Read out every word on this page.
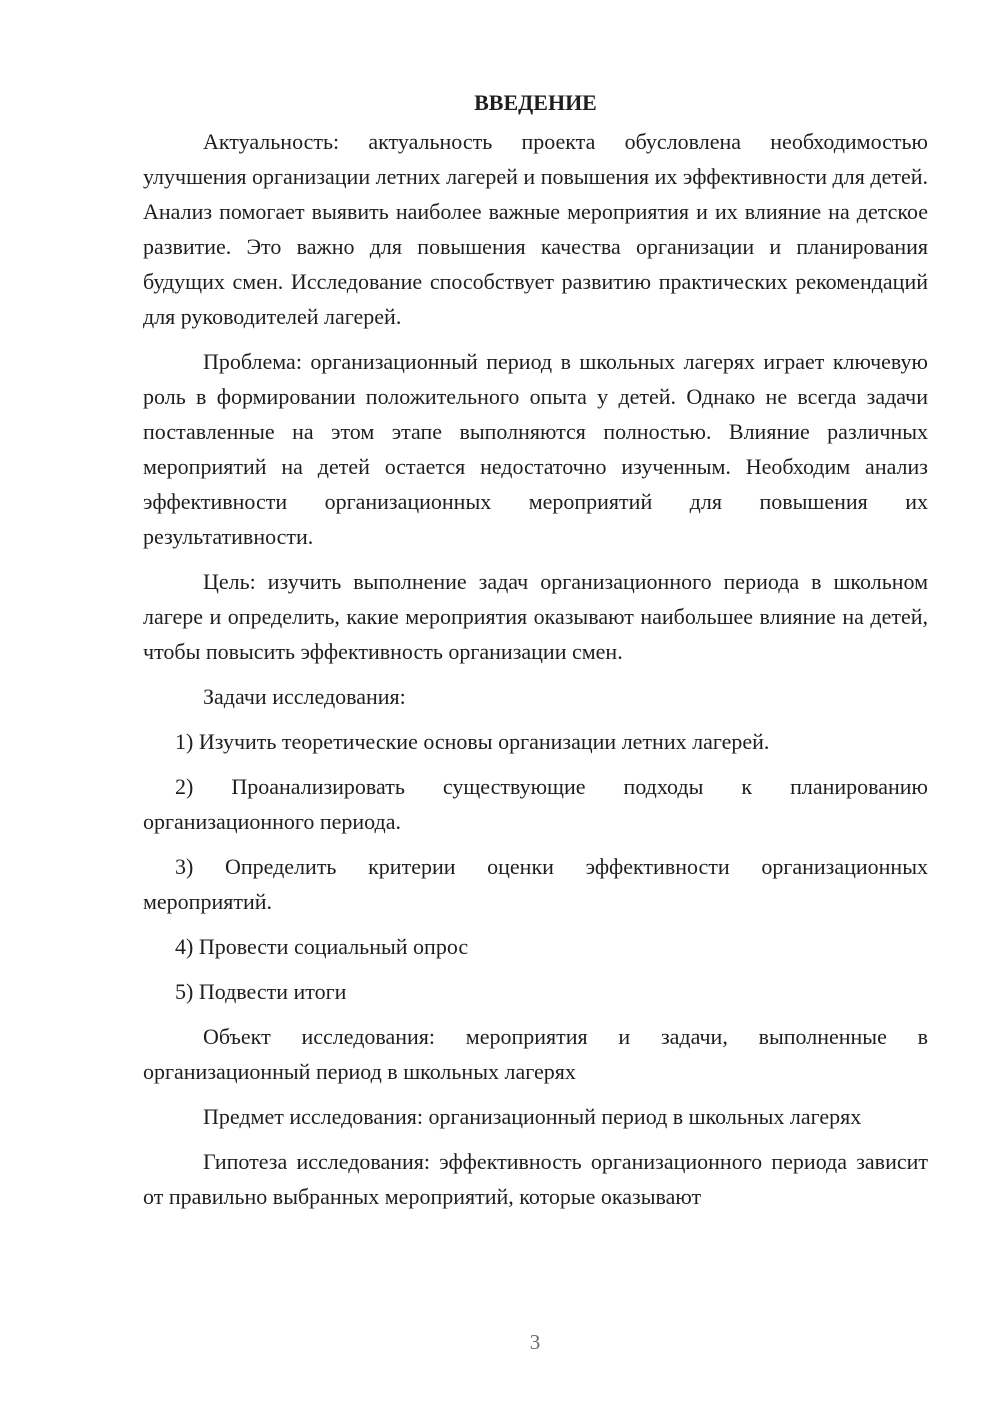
ВВЕДЕНИЕ

Актуальность: актуальность проекта обусловлена необходимостью улучшения организации летних лагерей и повышения их эффективности для детей. Анализ помогает выявить наиболее важные мероприятия и их влияние на детское развитие. Это важно для повышения качества организации и планирования будущих смен. Исследование способствует развитию практических рекомендаций для руководителей лагерей.

Проблема: организационный период в школьных лагерях играет ключевую роль в формировании положительного опыта у детей. Однако не всегда задачи поставленные на этом этапе выполняются полностью. Влияние различных мероприятий на детей остается недостаточно изученным. Необходим анализ эффективности организационных мероприятий для повышения их результативности.

Цель: изучить выполнение задач организационного периода в школьном лагере и определить, какие мероприятия оказывают наибольшее влияние на детей, чтобы повысить эффективность организации смен.

Задачи исследования:

1) Изучить теоретические основы организации летних лагерей.

2) Проанализировать существующие подходы к планированию организационного периода.

3) Определить критерии оценки эффективности организационных мероприятий.

4) Провести социальный опрос

5) Подвести итоги

Объект исследования: мероприятия и задачи, выполненные в организационный период в школьных лагерях

Предмет исследования: организационный период в школьных лагерях

Гипотеза исследования: эффективность организационного периода зависит от правильно выбранных мероприятий, которые оказывают

3
